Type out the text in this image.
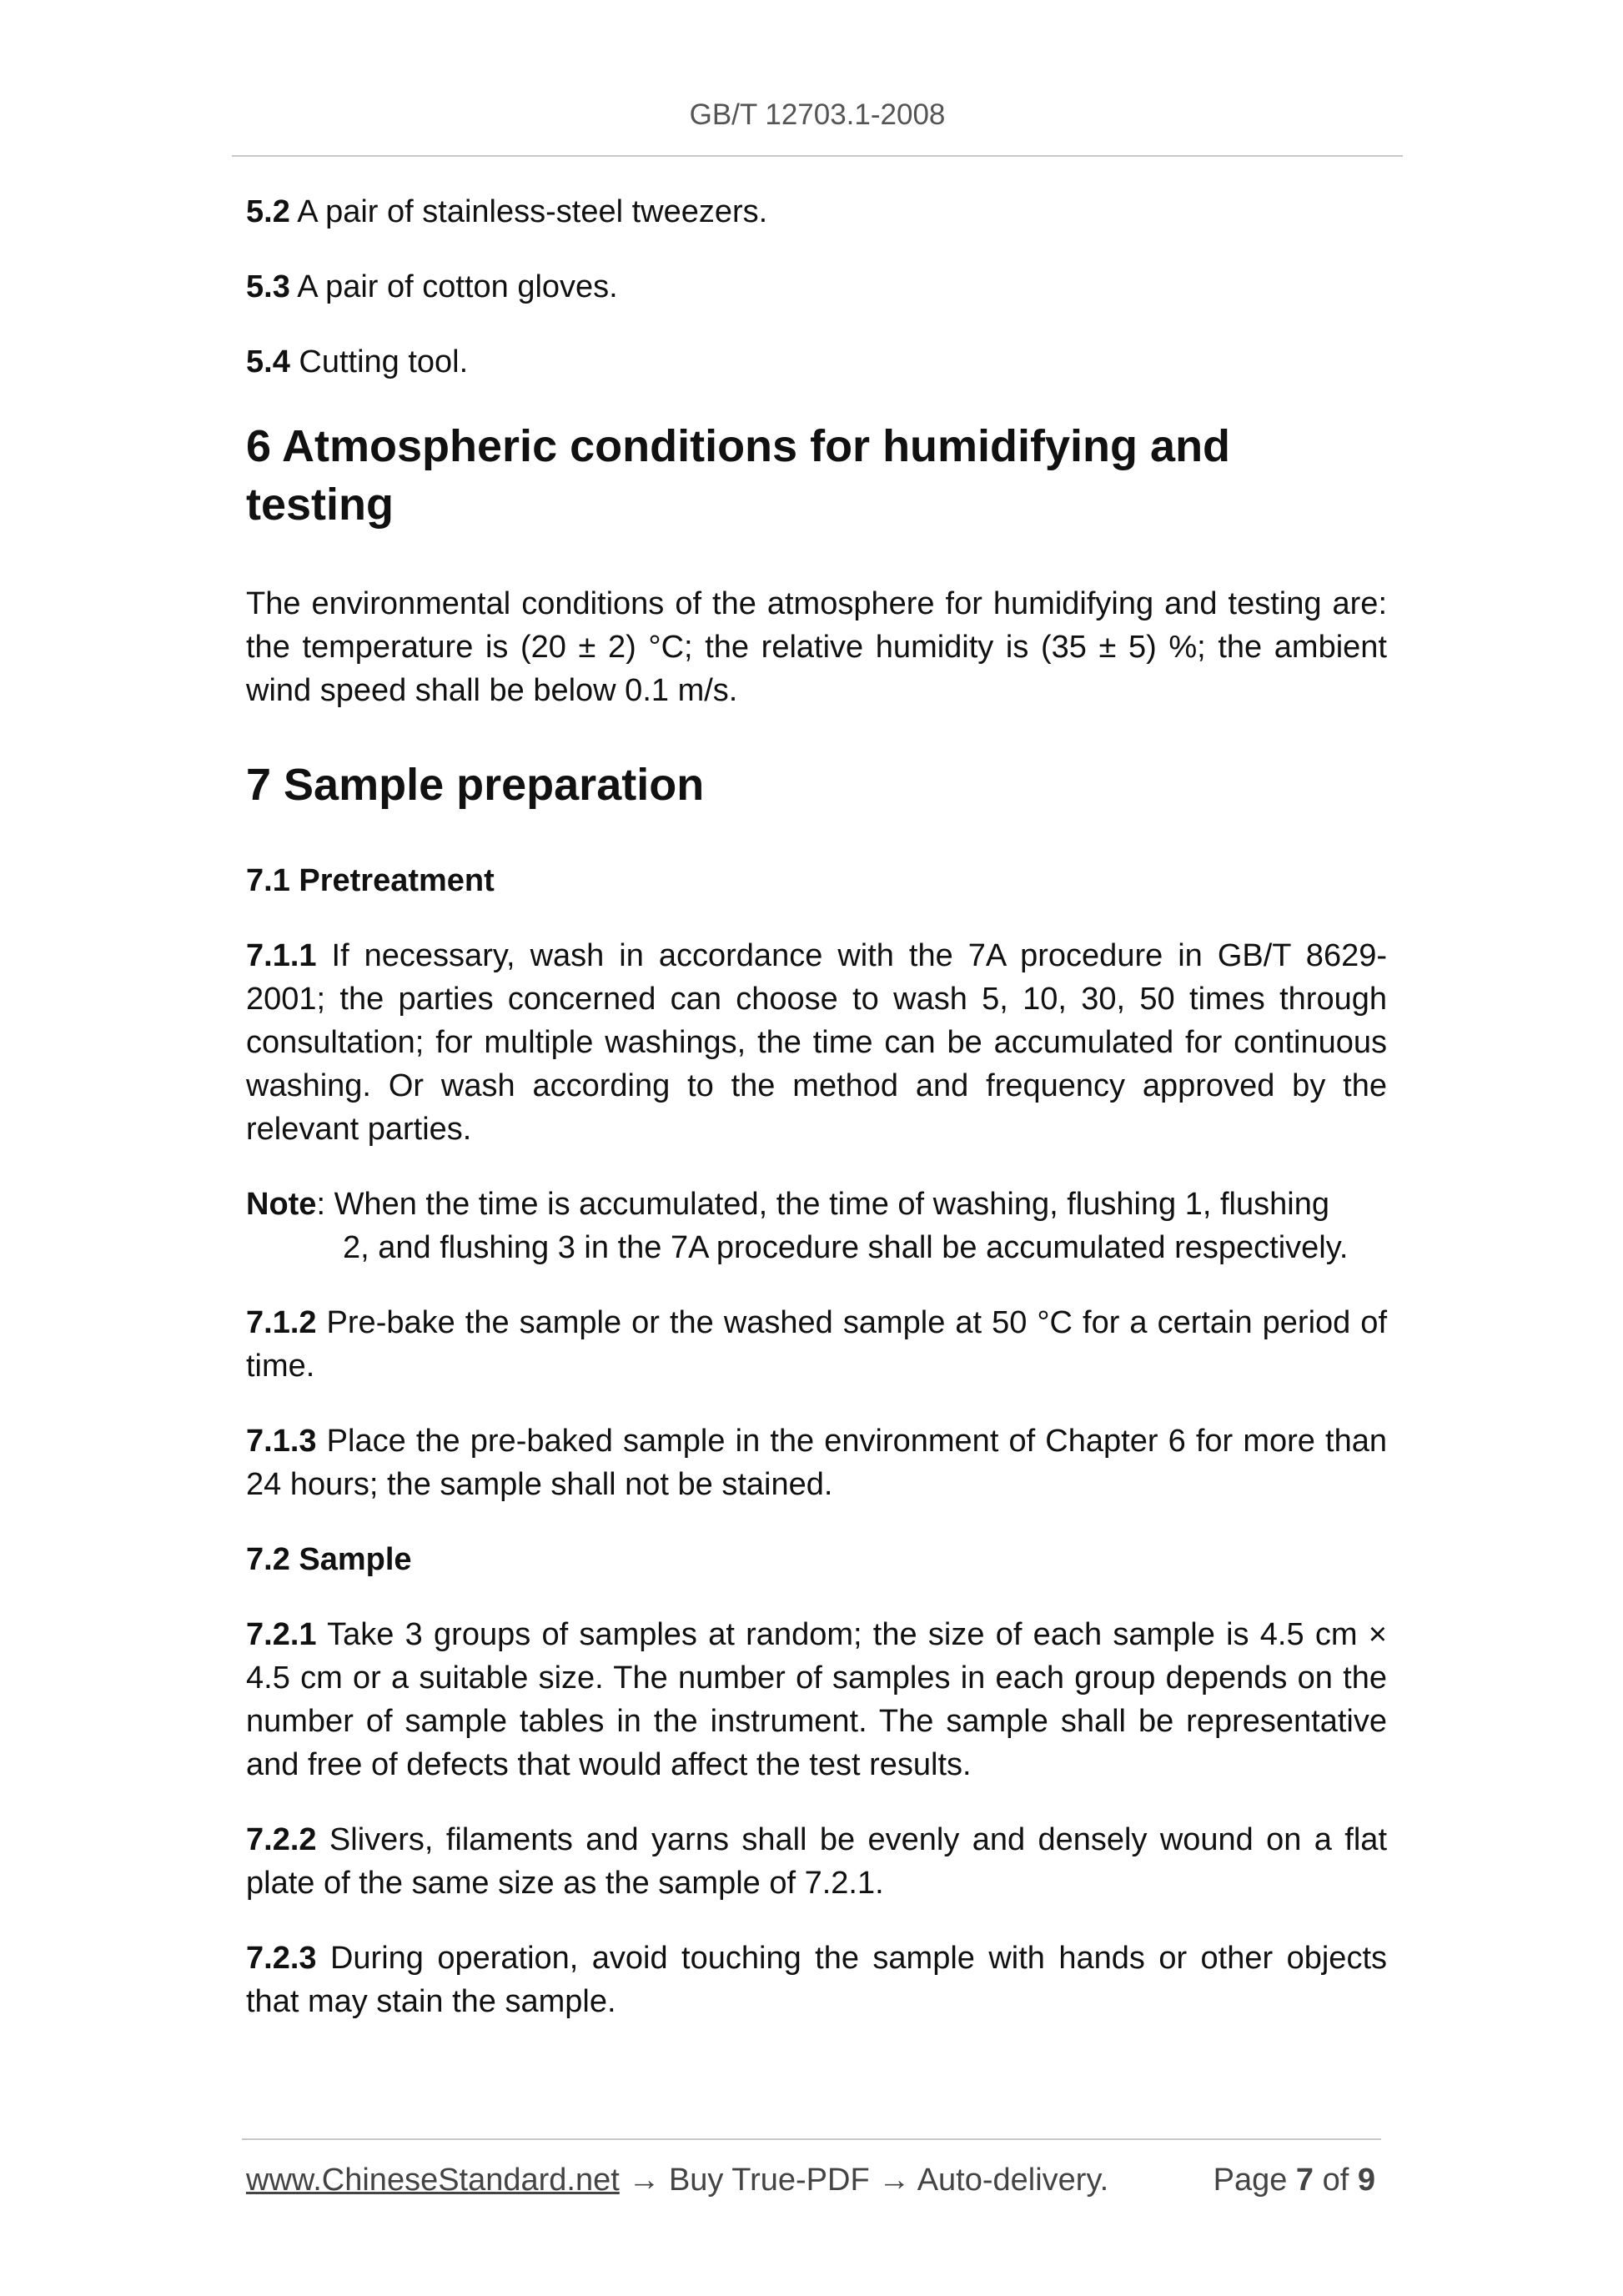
GB/T 12703.1-2008

5.2 A pair of stainless-steel tweezers.

5.3 A pair of cotton gloves.

5.4 Cutting tool.

6 Atmospheric conditions for humidifying and testing

The environmental conditions of the atmosphere for humidifying and testing are: the temperature is (20 ± 2) °C; the relative humidity is (35 ± 5) %; the ambient wind speed shall be below 0.1 m/s.

7 Sample preparation
7.1 Pretreatment

7.1.1 If necessary, wash in accordance with the 7A procedure in GB/T 8629-2001; the parties concerned can choose to wash 5, 10, 30, 50 times through consultation; for multiple washings, the time can be accumulated for continuous washing. Or wash according to the method and frequency approved by the relevant parties.

Note: When the time is accumulated, the time of washing, flushing 1, flushing
2, and flushing 3 in the 7A procedure shall be accumulated respectively.

7.1.2 Pre-bake the sample or the washed sample at 50 °C for a certain period of time.

7.1.3 Place the pre-baked sample in the environment of Chapter 6 for more than 24 hours; the sample shall not be stained.

7.2 Sample

7.2.1 Take 3 groups of samples at random; the size of each sample is 4.5 cm × 4.5 cm or a suitable size. The number of samples in each group depends on the number of sample tables in the instrument. The sample shall be representative and free of defects that would affect the test results.

7.2.2 Slivers, filaments and yarns shall be evenly and densely wound on a flat plate of the same size as the sample of 7.2.1.

7.2.3 During operation, avoid touching the sample with hands or other objects that may stain the sample.

www.ChineseStandard.net → Buy True-PDF → Auto-delivery.	Page 7 of 9
